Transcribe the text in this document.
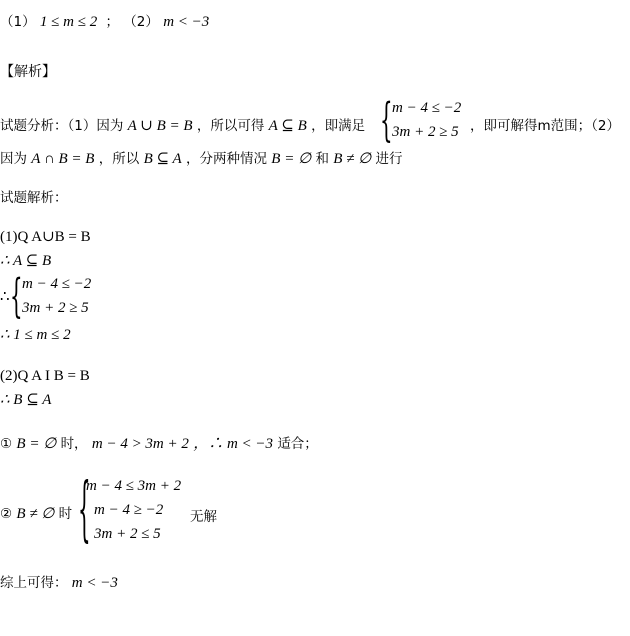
（1） 1 ≤ m ≤ 2 ； （2） m < −3
【解析】
试题分析：（1）因为 A ∪ B = B ，所以可得 A ⊆ B ，即满足 { m − 4 ≤ −2
3m + 2 ≥ 5 ，即可解得m范围；（2）
因为 A ∩ B = B ，所以 B ⊆ A ，分两种情况 B = ∅ 和 B ≠ ∅ 进行
试题解析：
(1)Q A∪B = B
∴ A ⊆ B
∴ { m − 4 ≤ −2
3m + 2 ≥ 5
∴ 1 ≤ m ≤ 2
(2)Q A I B = B
∴ B ⊆ A
① B = ∅ 时， m − 4 > 3m + 2 ，∴ m < −3 适合；
② B ≠ ∅ 时 {
m − 4 ≤ 3m + 2
m − 4 ≥ −2
3m + 2 ≤ 5
无解
综上可得： m < −3
